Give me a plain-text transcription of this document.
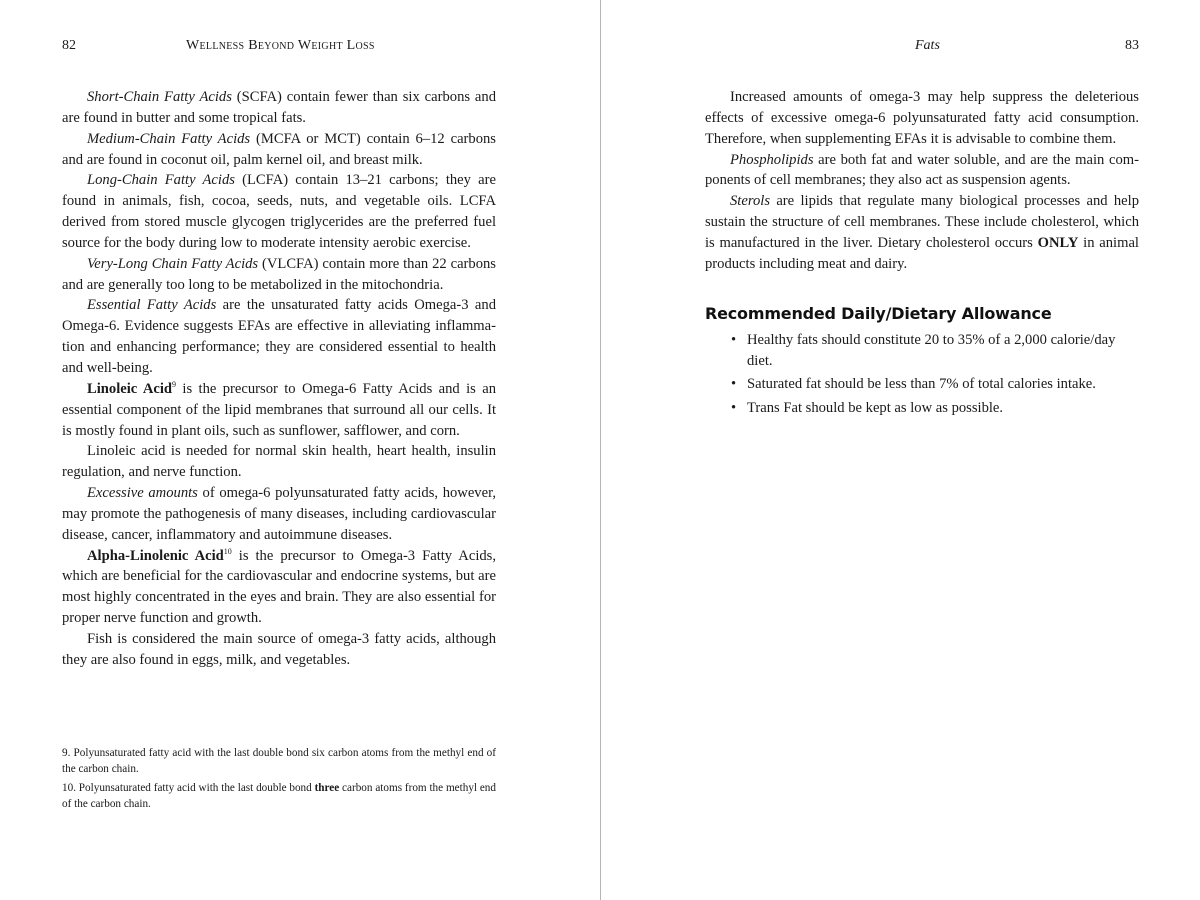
82	Wellness Beyond Weight Loss

Short-Chain Fatty Acids (SCFA) contain fewer than six carbons and are found in butter and some tropical fats.

Medium-Chain Fatty Acids (MCFA or MCT) contain 6–12 carbons and are found in coconut oil, palm kernel oil, and breast milk.

Long-Chain Fatty Acids (LCFA) contain 13–21 carbons; they are found in animals, fish, cocoa, seeds, nuts, and vegetable oils. LCFA derived from stored muscle glycogen triglycerides are the preferred fuel source for the body during low to moderate intensity aerobic exercise.

Very-Long Chain Fatty Acids (VLCFA) contain more than 22 carbons and are generally too long to be metabolized in the mitochondria.

Essential Fatty Acids are the unsaturated fatty acids Omega-3 and Omega-6. Evidence suggests EFAs are effective in alleviating inflammation and enhancing performance; they are considered essential to health and well-being.

Linoleic Acid$^9$ is the precursor to Omega-6 Fatty Acids and is an essential component of the lipid membranes that surround all our cells. It is mostly found in plant oils, such as sunflower, safflower, and corn.

Linoleic acid is needed for normal skin health, heart health, insulin regulation, and nerve function.

Excessive amounts of omega-6 polyunsaturated fatty acids, however, may promote the pathogenesis of many diseases, including cardiovascular disease, cancer, inflammatory and autoimmune diseases.

Alpha-Linolenic Acid$^{10}$ is the precursor to Omega-3 Fatty Acids, which are beneficial for the cardiovascular and endocrine systems, but are most highly concentrated in the eyes and brain. They are also essential for proper nerve function and growth.

Fish is considered the main source of omega-3 fatty acids, although they are also found in eggs, milk, and vegetables.

9. Polyunsaturated fatty acid with the last double bond six carbon atoms from the methyl end of the carbon chain.

10. Polyunsaturated fatty acid with the last double bond three carbon atoms from the methyl end of the carbon chain.

Fats	83

Increased amounts of omega-3 may help suppress the deleterious effects of excessive omega-6 polyunsaturated fatty acid consumption. Therefore, when supplementing EFAs it is advisable to combine them.

Phospholipids are both fat and water soluble, and are the main components of cell membranes; they also act as suspension agents.

Sterols are lipids that regulate many biological processes and help sustain the structure of cell membranes. These include cholesterol, which is manufactured in the liver. Dietary cholesterol occurs ONLY in animal products including meat and dairy.

Recommended Daily/Dietary Allowance
• Healthy fats should constitute 20 to 35% of a 2,000 calorie/day diet.
• Saturated fat should be less than 7% of total calories intake.
• Trans Fat should be kept as low as possible.
